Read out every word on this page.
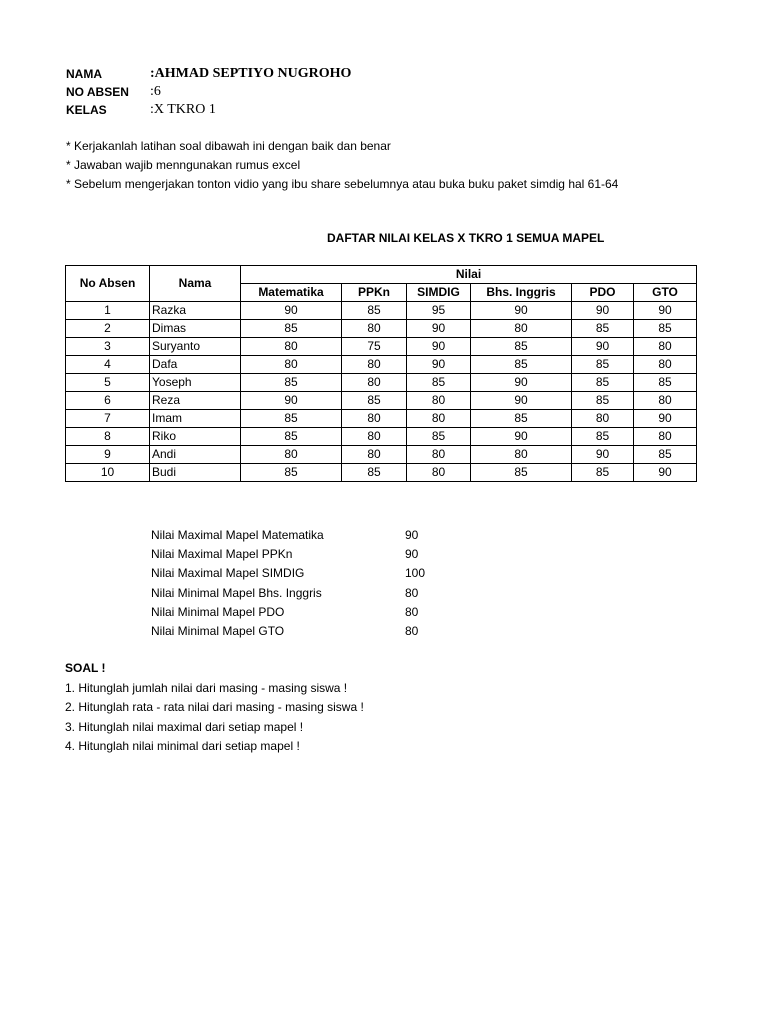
NAMA	:AHMAD SEPTIYO NUGROHO
NO ABSEN :6
KELAS	:X TKRO 1
* Kerjakanlah latihan soal dibawah ini dengan baik dan benar
* Jawaban wajib menngunakan rumus excel
* Sebelum mengerjakan tonton vidio yang ibu share sebelumnya atau buka buku paket simdig hal 61-64
DAFTAR NILAI KELAS X TKRO 1 SEMUA MAPEL
No Absen	Nama	Nilai					
		Matematika	PPKn	SIMDIG	Bhs. Inggris	PDO	GTO
1	Razka	90	85	95	90	90	90
2	Dimas	85	80	90	80	85	85
3	Suryanto	80	75	90	85	90	80
4	Dafa	80	80	90	85	85	80
5	Yoseph	85	80	85	90	85	85
6	Reza	90	85	80	90	85	80
7	Imam	85	80	80	85	80	90
8	Riko	85	80	85	90	85	80
9	Andi	80	80	80	80	90	85
10	Budi	85	85	80	85	85	90
Nilai Maximal Mapel Matematika	90
Nilai Maximal Mapel PPKn	90
Nilai Maximal Mapel SIMDIG	100
Nilai Minimal Mapel Bhs. Inggris	80
Nilai Minimal Mapel PDO	80
Nilai Minimal Mapel GTO	80
SOAL !
1. Hitunglah jumlah nilai dari masing - masing siswa !
2. Hitunglah rata - rata nilai dari masing - masing siswa !
3. Hitunglah nilai maximal dari setiap mapel !
4. Hitunglah nilai minimal dari setiap mapel !
